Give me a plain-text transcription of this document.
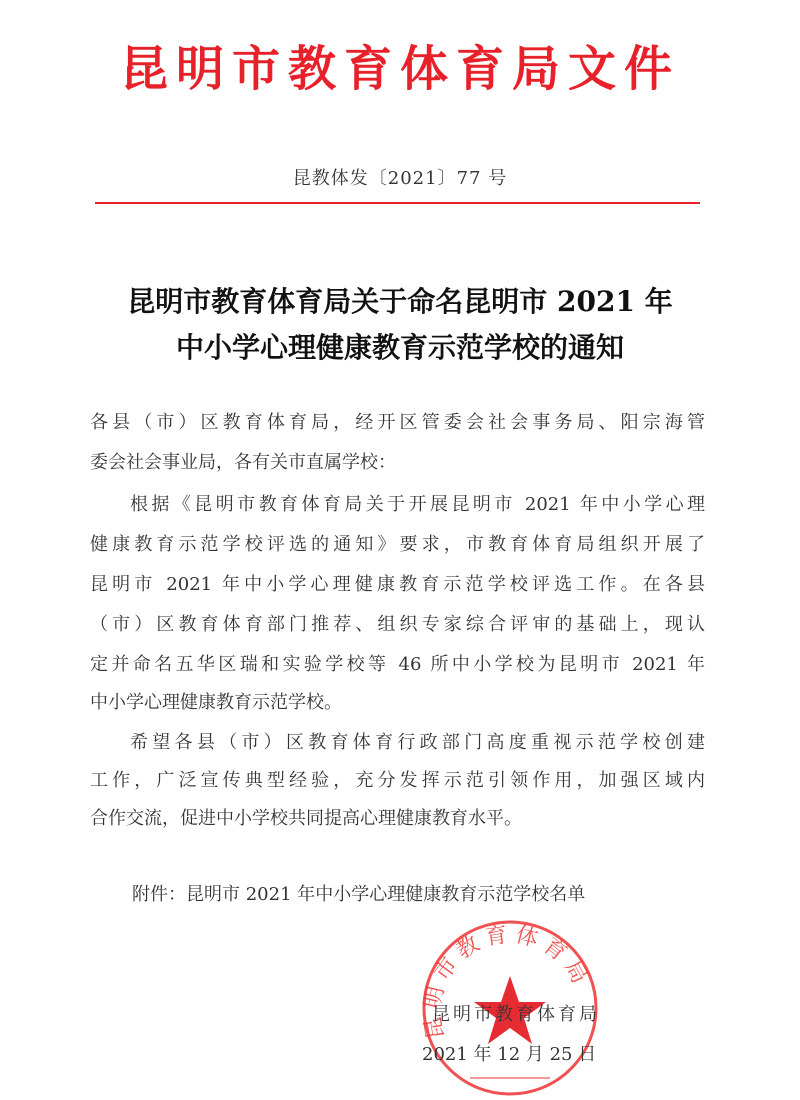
昆明市教育体育局文件
昆教体发〔2021〕77 号
昆明市教育体育局关于命名昆明市 2021 年
中小学心理健康教育示范学校的通知
各县（市）区教育体育局，经开区管委会社会事务局、阳宗海管
委会社会事业局，各有关市直属学校：
根据《昆明市教育体育局关于开展昆明市 2021 年中小学心理
健康教育示范学校评选的通知》要求，市教育体育局组织开展了
昆明市 2021 年中小学心理健康教育示范学校评选工作。在各县
（市）区教育体育部门推荐、组织专家综合评审的基础上，现认
定并命名五华区瑞和实验学校等 46 所中小学校为昆明市 2021 年
中小学心理健康教育示范学校。
希望各县（市）区教育体育行政部门高度重视示范学校创建
工作，广泛宣传典型经验，充分发挥示范引领作用，加强区域内
合作交流，促进中小学校共同提高心理健康教育水平。
附件：昆明市 2021 年中小学心理健康教育示范学校名单
昆明市教育体育局
昆明市教育体育局
2021 年 12 月 25 日
